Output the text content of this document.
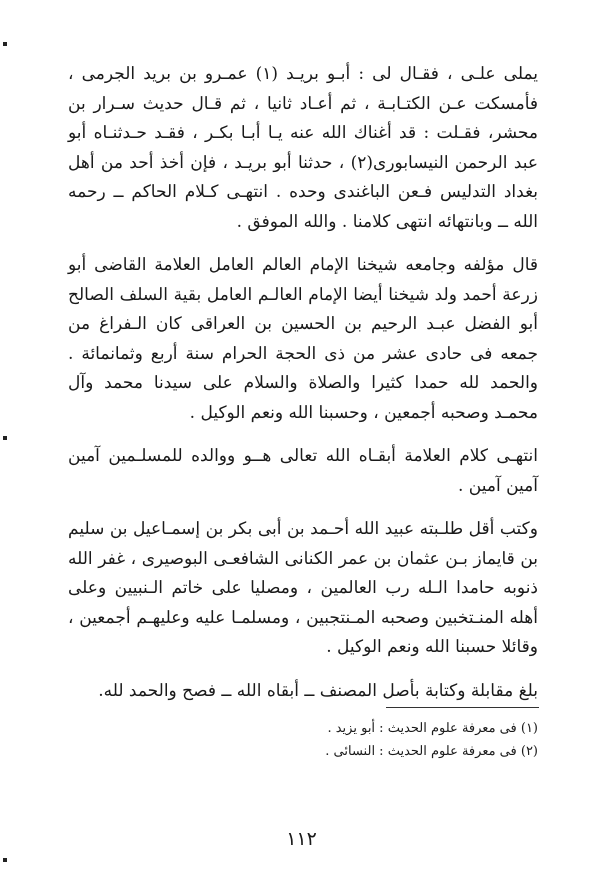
يملى علـى ، فقـال لى : أبـو بريـد (١) عمـرو بن بريد الجرمى ، فأمسكت عـن الكتـابـة ، ثم أعـاد ثانيا ، ثم قـال حديث سـرار بن محشر، فقـلت : قد أغناك الله عنه يـا أبـا بكـر ، فقـد حـدثنـاه أبو عبد الرحمن النيسابورى(٢) ، حدثنا أبو بريـد ، فإن أخذ أحد من أهل بغداد التدليس فـعن الباغندى وحده . انتهـى كـلام الحاكم ــ رحمه الله ــ وبانتهائه انتهى كلامنا . والله الموفق .

قال مؤلفه وجامعه شيخنا الإمام العالم العامل العلامة القاضى أبو زرعة أحمد ولد شيخنا أيضا الإمام العالـم العامل بقية السلف الصالح أبو الفضل عبـد الرحيم بن الحسين بن العراقى كان الـفراغ من جمعه فى حادى عشر من ذى الحجة الحرام سنة أربع وثمانمائة . والحمد لله حمدا كثيرا والصلاة والسلام على سيدنا محمد وآل محمـد وصحبه أجمعين ، وحسبنا الله ونعم الوكيل .

انتهـى كلام العلامة أبقـاه الله تعالى هــو ووالده للمسلـمين آمين آمين آمين .

وكتب أقل طلـبته عبيد الله أحـمد بن أبى بكر بن إسمـاعيل بن سليم بن قايماز بـن عثمان بن عمر الكنانى الشافعـى البوصيرى ، غفر الله ذنوبه حامدا الـله رب العالمين ، ومصليا على خاتم الـنبيين وعلى أهله المنـتخبين وصحبه المـنتجبين ، ومسلمـا عليه وعليهـم أجمعين ، وقائلا حسبنا الله ونعم الوكيل .

بلغ مقابلة وكتابة بأصل المصنف ــ أبقاه الله ــ فصح والحمد لله.

(١) فى معرفة علوم الحديث : أبو يزيد .
(٢) فى معرفة علوم الحديث : النسائى .
١١٢
